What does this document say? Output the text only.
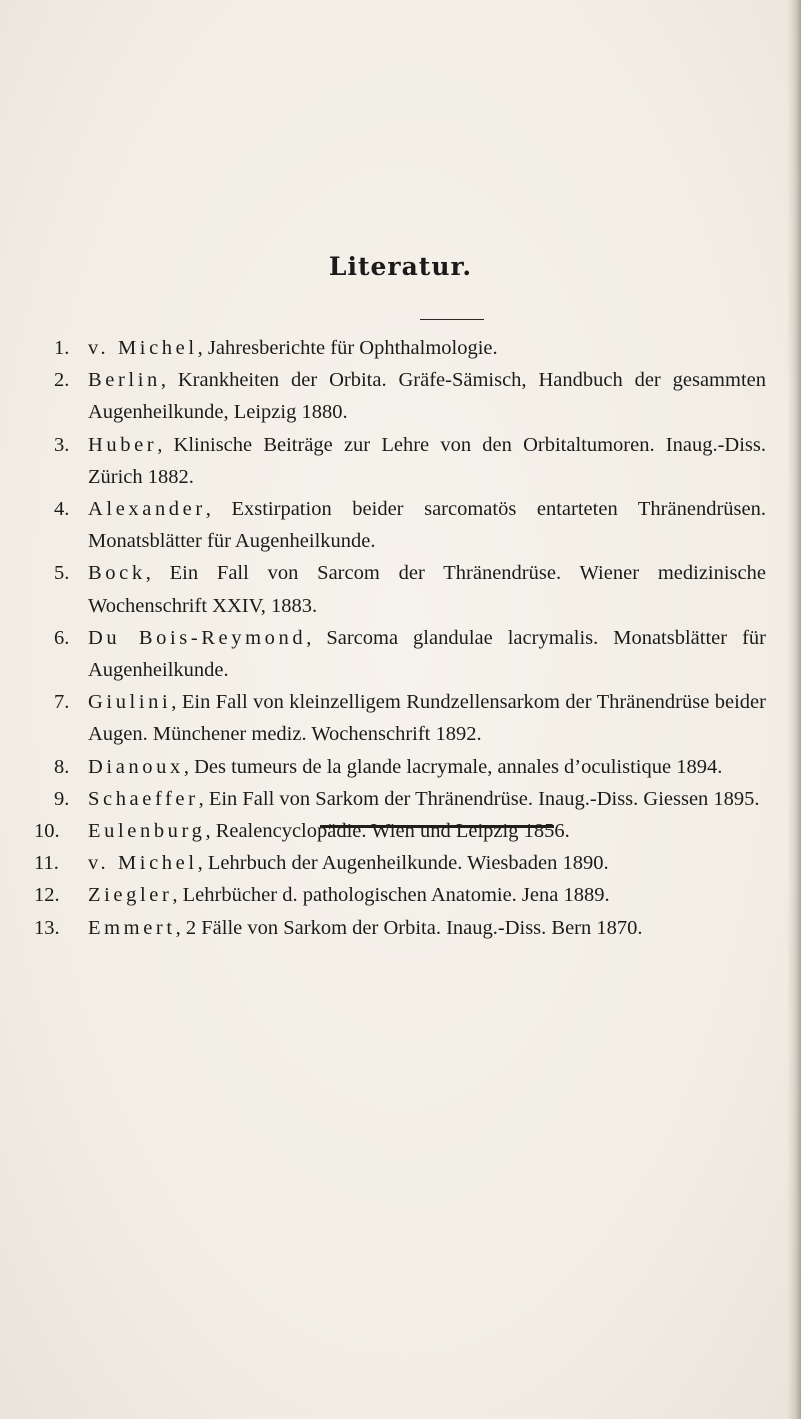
Literatur.
1. v. Michel, Jahresberichte für Ophthalmologie.
2. Berlin, Krankheiten der Orbita. Gräfe-Sämisch, Handbuch der gesammten Augenheilkunde, Leipzig 1880.
3. Huber, Klinische Beiträge zur Lehre von den Orbitaltumoren. Inaug.-Diss. Zürich 1882.
4. Alexander, Exstirpation beider sarcomatös entarteten Thränendrüsen. Monatsblätter für Augenheilkunde.
5. Bock, Ein Fall von Sarcom der Thränendrüse. Wiener medizinische Wochenschrift XXIV, 1883.
6. Du Bois-Reymond, Sarcoma glandulae lacrymalis. Monatsblätter für Augenheilkunde.
7. Giulini, Ein Fall von kleinzelligem Rundzellensarkom der Thränendrüse beider Augen. Münchener mediz. Wochenschrift 1892.
8. Dianoux, Des tumeurs de la glande lacrymale, annales d’oculistique 1894.
9. Schaeffer, Ein Fall von Sarkom der Thränendrüse. Inaug.-Diss. Giessen 1895.
10.	Eulenburg, Realencyclopädie. Wien und Leipzig 1856.
11.	v. Michel, Lehrbuch der Augenheilkunde. Wiesbaden 1890.
12.	Ziegler, Lehrbücher d. pathologischen Anatomie. Jena 1889.
13.	Emmert, 2 Fälle von Sarkom der Orbita. Inaug.-Diss. Bern 1870.
